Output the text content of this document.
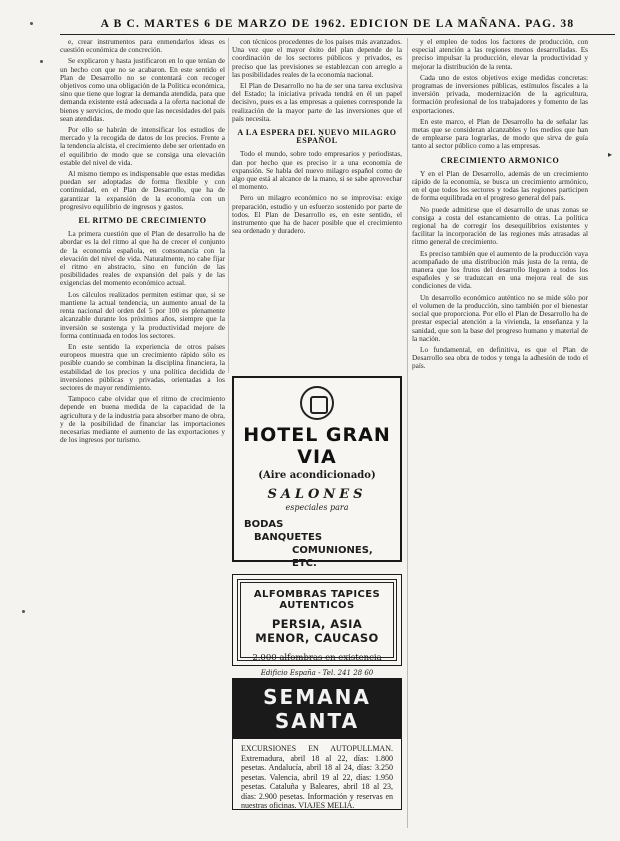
A B C. MARTES 6 DE MARZO DE 1962. EDICION DE LA MAÑANA. PAG. 38

e, crear instrumentos para enmendarlos ideas es cuestión económica de concreción.

Se explicaron y hasta justificaron en lo que tenían de un hecho con que no se acabaron. En este sentido el Plan de Desarrollo no se contentará con recoger objetivos como una obligación de la Política económica, sino que tiene que lograr la demanda atendida, para que demanda existente está adecuada a la oferta nacional de bienes y servicios, de modo que las necesidades del país sean atendidas.

Por ello se habrán de intensificar los estudios de mercado y la recogida de datos de los precios. Frente a la tendencia alcista, el crecimiento debe ser orientado en el equilibrio de modo que se consiga una elevación estable del nivel de vida.

Al mismo tiempo es indispensable que estas medidas puedan ser adoptadas de forma flexible y con continuidad, en el Plan de Desarrollo, que ha de garantizar la expansión de la economía con un progresivo equilibrio de ingresos y gastos.

EL RITMO DE CRECIMIENTO

La primera cuestión que el Plan de desarrollo ha de abordar es la del ritmo al que ha de crecer el conjunto de la economía española, en consonancia con la elevación del nivel de vida. Naturalmente, no cabe fijar el ritmo en abstracto, sino en función de las posibilidades reales de expansión del país y de las exigencias del momento económico actual.

Los cálculos realizados permiten estimar que, si se mantiene la actual tendencia, un aumento anual de la renta nacional del orden del 5 por 100 es plenamente alcanzable durante los próximos años, siempre que la inversión se sostenga y la productividad mejore de forma continuada en todos los sectores.

En este sentido la experiencia de otros países europeos muestra que un crecimiento rápido sólo es posible cuando se combinan la disciplina financiera, la estabilidad de los precios y una política decidida de inversiones públicas y privadas, orientadas a los sectores de mayor rendimiento.

Tampoco cabe olvidar que el ritmo de crecimiento depende en buena medida de la capacidad de la agricultura y de la industria para absorber mano de obra, y de la posibilidad de financiar las importaciones necesarias mediante el aumento de las exportaciones y de los ingresos por turismo.

con técnicos procedentes de los países más avanzados. Una vez que el mayor éxito del plan depende de la coordinación de los sectores públicos y privados, es preciso que las previsiones se establezcan con arreglo a las posibilidades reales de la economía nacional.

El Plan de Desarrollo no ha de ser una tarea exclusiva del Estado; la iniciativa privada tendrá en él un papel decisivo, pues es a las empresas a quienes corresponde la realización de la mayor parte de las inversiones que el país necesita.

A LA ESPERA DEL NUEVO MILAGRO ESPAÑOL

Todo el mundo, sobre todo empresarios y periodistas, dan por hecho que es preciso ir a una economía de expansión. Se habla del nuevo milagro español como de algo que está al alcance de la mano, si se sabe aprovechar el momento.

Pero un milagro económico no se improvisa: exige preparación, estudio y un esfuerzo sostenido por parte de todos. El Plan de Desarrollo es, en este sentido, el instrumento que ha de hacer posible que el crecimiento sea ordenado y duradero.

HOTEL GRAN VIA
(Aire acondicionado)
SALONES
especiales para
BODAS
BANQUETES
COMUNIONES, ETC.
ALFOMBRAS TAPICES AUTENTICOS
PERSIA, ASIA MENOR, CAUCASO
2.000 alfombras en existencia
Edificio España - Tel. 241 28 60
SEMANA SANTA
EXCURSIONES EN AUTOPULLMAN. Extremadura, abril 18 al 22, días: 1.800 pesetas. Andalucía, abril 18 al 24, días: 3.250 pesetas. Valencia, abril 19 al 22, días: 1.950 pesetas. Cataluña y Baleares, abril 18 al 23, días: 2.900 pesetas. Información y reservas en nuestras oficinas. VIAJES MELIÁ.

y el empleo de todos los factores de producción, con especial atención a las regiones menos desarrolladas. Es preciso impulsar la producción, elevar la productividad y mejorar la distribución de la renta.

Cada uno de estos objetivos exige medidas concretas: programas de inversiones públicas, estímulos fiscales a la inversión privada, modernización de la agricultura, formación profesional de los trabajadores y fomento de las exportaciones.

En este marco, el Plan de Desarrollo ha de señalar las metas que se consideran alcanzables y los medios que han de emplearse para lograrlas, de modo que sirva de guía tanto al sector público como a las empresas.

CRECIMIENTO ARMONICO

Y en el Plan de Desarrollo, además de un crecimiento rápido de la economía, se busca un crecimiento armónico, en el que todos los sectores y todas las regiones participen de forma equilibrada en el progreso general del país.

No puede admitirse que el desarrollo de unas zonas se consiga a costa del estancamiento de otras. La política regional ha de corregir los desequilibrios existentes y facilitar la incorporación de las regiones más atrasadas al ritmo general de crecimiento.

Es preciso también que el aumento de la producción vaya acompañado de una distribución más justa de la renta, de manera que los frutos del desarrollo lleguen a todos los españoles y se traduzcan en una mejora real de sus condiciones de vida.

Un desarrollo económico auténtico no se mide sólo por el volumen de la producción, sino también por el bienestar social que proporciona. Por ello el Plan de Desarrollo ha de prestar especial atención a la vivienda, la enseñanza y la sanidad, que son la base del progreso humano y material de la nación.

Lo fundamental, en definitiva, es que el Plan de Desarrollo sea obra de todos y tenga la adhesión de todo el país.

▸
